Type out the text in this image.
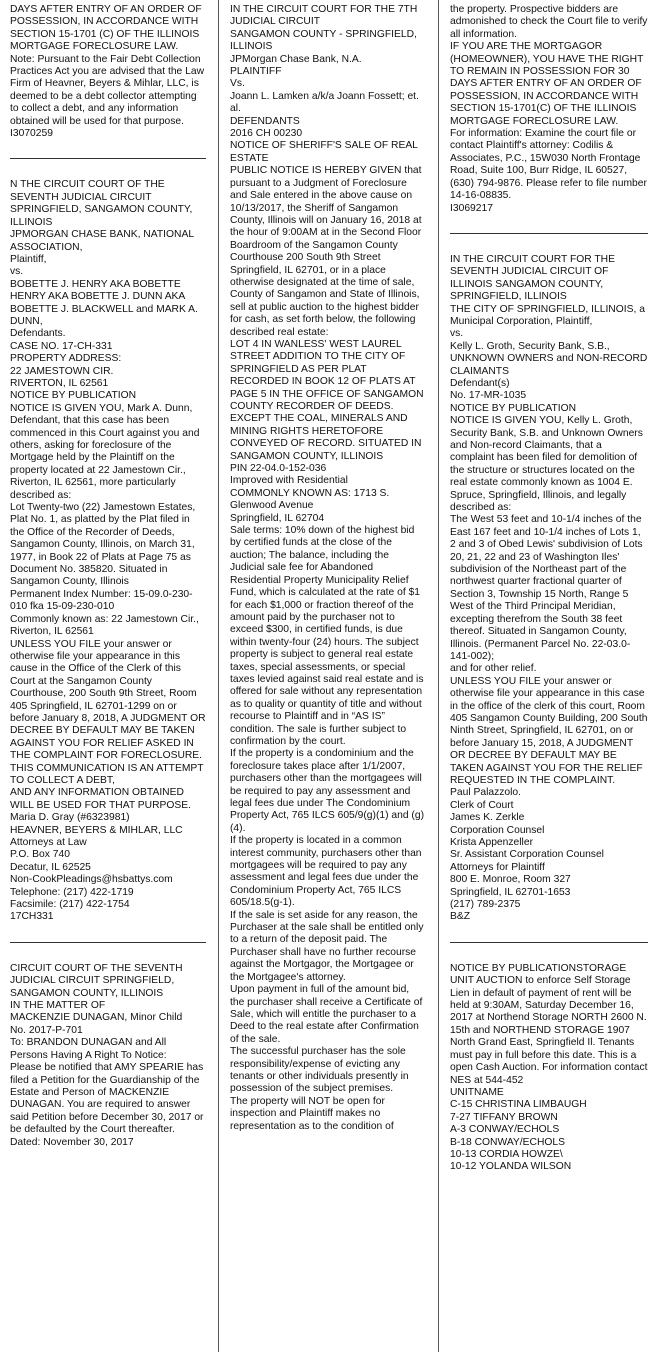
DAYS AFTER ENTRY OF AN ORDER OF
POSSESSION, IN ACCORDANCE WITH
SECTION 15-1701 (C) OF THE ILLINOIS
MORTGAGE FORECLOSURE LAW.
Note: Pursuant to the Fair Debt Collection Practices Act you are advised that the Law Firm of Heavner, Beyers & Mihlar, LLC, is deemed to be a debt collector attempting to collect a debt, and any information obtained will be used for that purpose.
I3070259
N THE CIRCUIT COURT OF THE SEVENTH JUDICIAL CIRCUIT
SPRINGFIELD, SANGAMON COUNTY, ILLINOIS
JPMORGAN CHASE BANK, NATIONAL ASSOCIATION,
Plaintiff,
vs.
BOBETTE J. HENRY AKA BOBETTE HENRY AKA BOBETTE J. DUNN AKA BOBETTE J. BLACKWELL and MARK A. DUNN,
Defendants.
CASE NO. 17-CH-331
PROPERTY ADDRESS:
22 JAMESTOWN CIR.
RIVERTON, IL 62561
NOTICE BY PUBLICATION
NOTICE IS GIVEN YOU, Mark A. Dunn, Defendant, that this case has been commenced in this Court against you and others, asking for foreclosure of the Mortgage held by the Plaintiff on the property located at 22 Jamestown Cir., Riverton, IL 62561, more particularly described as:
Lot Twenty-two (22) Jamestown Estates, Plat No. 1, as platted by the Plat filed in the Office of the Recorder of Deeds, Sangamon County, Illinois, on March 31, 1977, in Book 22 of Plats at Page 75 as Document No. 385820. Situated in Sangamon County, Illinois
Permanent Index Number: 15-09.0-230-010 fka 15-09-230-010
Commonly known as: 22 Jamestown Cir., Riverton, IL 62561
UNLESS YOU FILE your answer or otherwise file your appearance in this cause in the Office of the Clerk of this Court at the Sangamon County Courthouse, 200 South 9th Street, Room 405 Springfield, IL 62701-1299 on or before January 8, 2018, A JUDGMENT OR DECREE BY DEFAULT MAY BE TAKEN AGAINST YOU FOR RELIEF ASKED IN THE COMPLAINT FOR FORECLOSURE.
THIS COMMUNICATION IS AN ATTEMPT TO COLLECT A DEBT,
AND ANY INFORMATION OBTAINED WILL BE USED FOR THAT PURPOSE.
Maria D. Gray (#6323981)
HEAVNER, BEYERS & MIHLAR, LLC
Attorneys at Law
P.O. Box 740
Decatur, IL 62525
Non-CookPleadings@hsbattys.com
Telephone: (217) 422-1719
Facsimile: (217) 422-1754
17CH331
CIRCUIT COURT OF THE SEVENTH JUDICIAL CIRCUIT SPRINGFIELD, SANGAMON COUNTY, ILLINOIS
IN THE MATTER OF
MACKENZIE DUNAGAN, Minor Child
No. 2017-P-701
To: BRANDON DUNAGAN and All Persons Having A Right To Notice:
Please be notified that AMY SPEARIE has filed a Petition for the Guardianship of the Estate and Person of MACKENZIE DUNAGAN. You are required to answer said Petition before December 30, 2017 or be defaulted by the Court thereafter.
Dated: November 30, 2017
IN THE CIRCUIT COURT FOR THE 7TH JUDICIAL CIRCUIT
SANGAMON COUNTY - SPRINGFIELD, ILLINOIS
JPMorgan Chase Bank, N.A.
PLAINTIFF
Vs.
Joann L. Lamken a/k/a Joann Fossett; et. al.
DEFENDANTS
2016 CH 00230
NOTICE OF SHERIFF'S SALE OF REAL ESTATE
PUBLIC NOTICE IS HEREBY GIVEN that pursuant to a Judgment of Foreclosure and Sale entered in the above cause on 10/13/2017, the Sheriff of Sangamon County, Illinois will on January 16, 2018 at the hour of 9:00AM at in the Second Floor Boardroom of the Sangamon County Courthouse 200 South 9th Street Springfield, IL 62701, or in a place otherwise designated at the time of sale, County of Sangamon and State of Illinois, sell at public auction to the highest bidder for cash, as set forth below, the following described real estate:
LOT 4 IN WANLESS' WEST LAUREL STREET ADDITION TO THE CITY OF SPRINGFIELD AS PER PLAT RECORDED IN BOOK 12 OF PLATS AT PAGE 5 IN THE OFFICE OF SANGAMON COUNTY RECORDER OF DEEDS. EXCEPT THE COAL, MINERALS AND MINING RIGHTS HERETOFORE CONVEYED OF RECORD. SITUATED IN SANGAMON COUNTY, ILLINOIS
PIN 22-04.0-152-036
Improved with Residential
COMMONLY KNOWN AS: 1713 S. Glenwood Avenue
Springfield, IL 62704
Sale terms: 10% down of the highest bid by certified funds at the close of the auction; The balance, including the Judicial sale fee for Abandoned Residential Property Municipality Relief Fund, which is calculated at the rate of $1 for each $1,000 or fraction thereof of the amount paid by the purchaser not to exceed $300, in certified funds, is due within twenty-four (24) hours. The subject property is subject to general real estate taxes, special assessments, or special taxes levied against said real estate and is offered for sale without any representation as to quality or quantity of title and without recourse to Plaintiff and in “AS IS” condition. The sale is further subject to confirmation by the court.
If the property is a condominium and the foreclosure takes place after 1/1/2007, purchasers other than the mortgagees will be required to pay any assessment and legal fees due under The Condominium Property Act, 765 ILCS 605/9(g)(1) and (g)(4).
If the property is located in a common interest community, purchasers other than mortgagees will be required to pay any assessment and legal fees due under the Condominium Property Act, 765 ILCS 605/18.5(g-1).
If the sale is set aside for any reason, the Purchaser at the sale shall be entitled only to a return of the deposit paid. The Purchaser shall have no further recourse against the Mortgagor, the Mortgagee or the Mortgagee's attorney.
Upon payment in full of the amount bid, the purchaser shall receive a Certificate of Sale, which will entitle the purchaser to a Deed to the real estate after Confirmation of the sale.
The successful purchaser has the sole responsibility/expense of evicting any tenants or other individuals presently in possession of the subject premises.
The property will NOT be open for inspection and Plaintiff makes no representation as to the condition of
the property. Prospective bidders are admonished to check the Court file to verify all information.
IF YOU ARE THE MORTGAGOR (HOMEOWNER), YOU HAVE THE RIGHT TO REMAIN IN POSSESSION FOR 30 DAYS AFTER ENTRY OF AN ORDER OF POSSESSION, IN ACCORDANCE WITH SECTION 15-1701(C) OF THE ILLINOIS MORTGAGE FORECLOSURE LAW.
For information: Examine the court file or contact Plaintiff's attorney: Codilis & Associates, P.C., 15W030 North Frontage Road, Suite 100, Burr Ridge, IL 60527, (630) 794-9876. Please refer to file number 14-16-08835.
I3069217
IN THE CIRCUIT COURT FOR THE SEVENTH JUDICIAL CIRCUIT OF ILLINOIS SANGAMON COUNTY, SPRINGFIELD, ILLINOIS
THE CITY OF SPRINGFIELD, ILLINOIS, a Municipal Corporation, Plaintiff,
vs.
Kelly L. Groth, Security Bank, S.B., UNKNOWN OWNERS and NON-RECORD CLAIMANTS
Defendant(s)
No. 17-MR-1035
NOTICE BY PUBLICATION
NOTICE IS GIVEN YOU, Kelly L. Groth, Security Bank, S.B. and Unknown Owners and Non-record Claimants, that a complaint has been filed for demolition of the structure or structures located on the real estate commonly known as 1004 E. Spruce, Springfield, Illinois, and legally described as:
The West 53 feet and 10-1/4 inches of the East 167 feet and 10-1/4 inches of Lots 1, 2 and 3 of Obed Lewis' subdivision of Lots 20, 21, 22 and 23 of Washington Iles' subdivision of the Northeast part of the northwest quarter fractional quarter of Section 3, Township 15 North, Range 5 West of the Third Principal Meridian, excepting therefrom the South 38 feet thereof. Situated in Sangamon County, Illinois. (Permanent Parcel No. 22-03.0-141-002);
and for other relief.
UNLESS YOU FILE your answer or otherwise file your appearance in this case in the office of the clerk of this court, Room 405 Sangamon County Building, 200 South Ninth Street, Springfield, IL 62701, on or before January 15, 2018, A JUDGMENT OR DECREE BY DEFAULT MAY BE TAKEN AGAINST YOU FOR THE RELIEF REQUESTED IN THE COMPLAINT.
Paul Palazzolo.
Clerk of Court
James K. Zerkle
Corporation Counsel
Krista Appenzeller
Sr. Assistant Corporation Counsel
Attorneys for Plaintiff
800 E. Monroe, Room 327
Springfield, IL 62701-1653
(217) 789-2375
B&Z
NOTICE BY PUBLICATIONSTORAGE UNIT AUCTION to enforce Self Storage Lien in default of payment of rent will be held at 9:30AM, Saturday December 16, 2017 at Northend Storage NORTH 2600 N. 15th and NORTHEND STORAGE 1907 North Grand East, Springfield Il. Tenants must pay in full before this date. This is a open Cash Auction. For information contact NES at 544-452
UNITNAME
C-15 CHRISTINA LIMBAUGH
7-27 TIFFANY BROWN
A-3 CONWAY/ECHOLS
B-18 CONWAY/ECHOLS
10-13 CORDIA HOWZE\
10-12 YOLANDA WILSON
